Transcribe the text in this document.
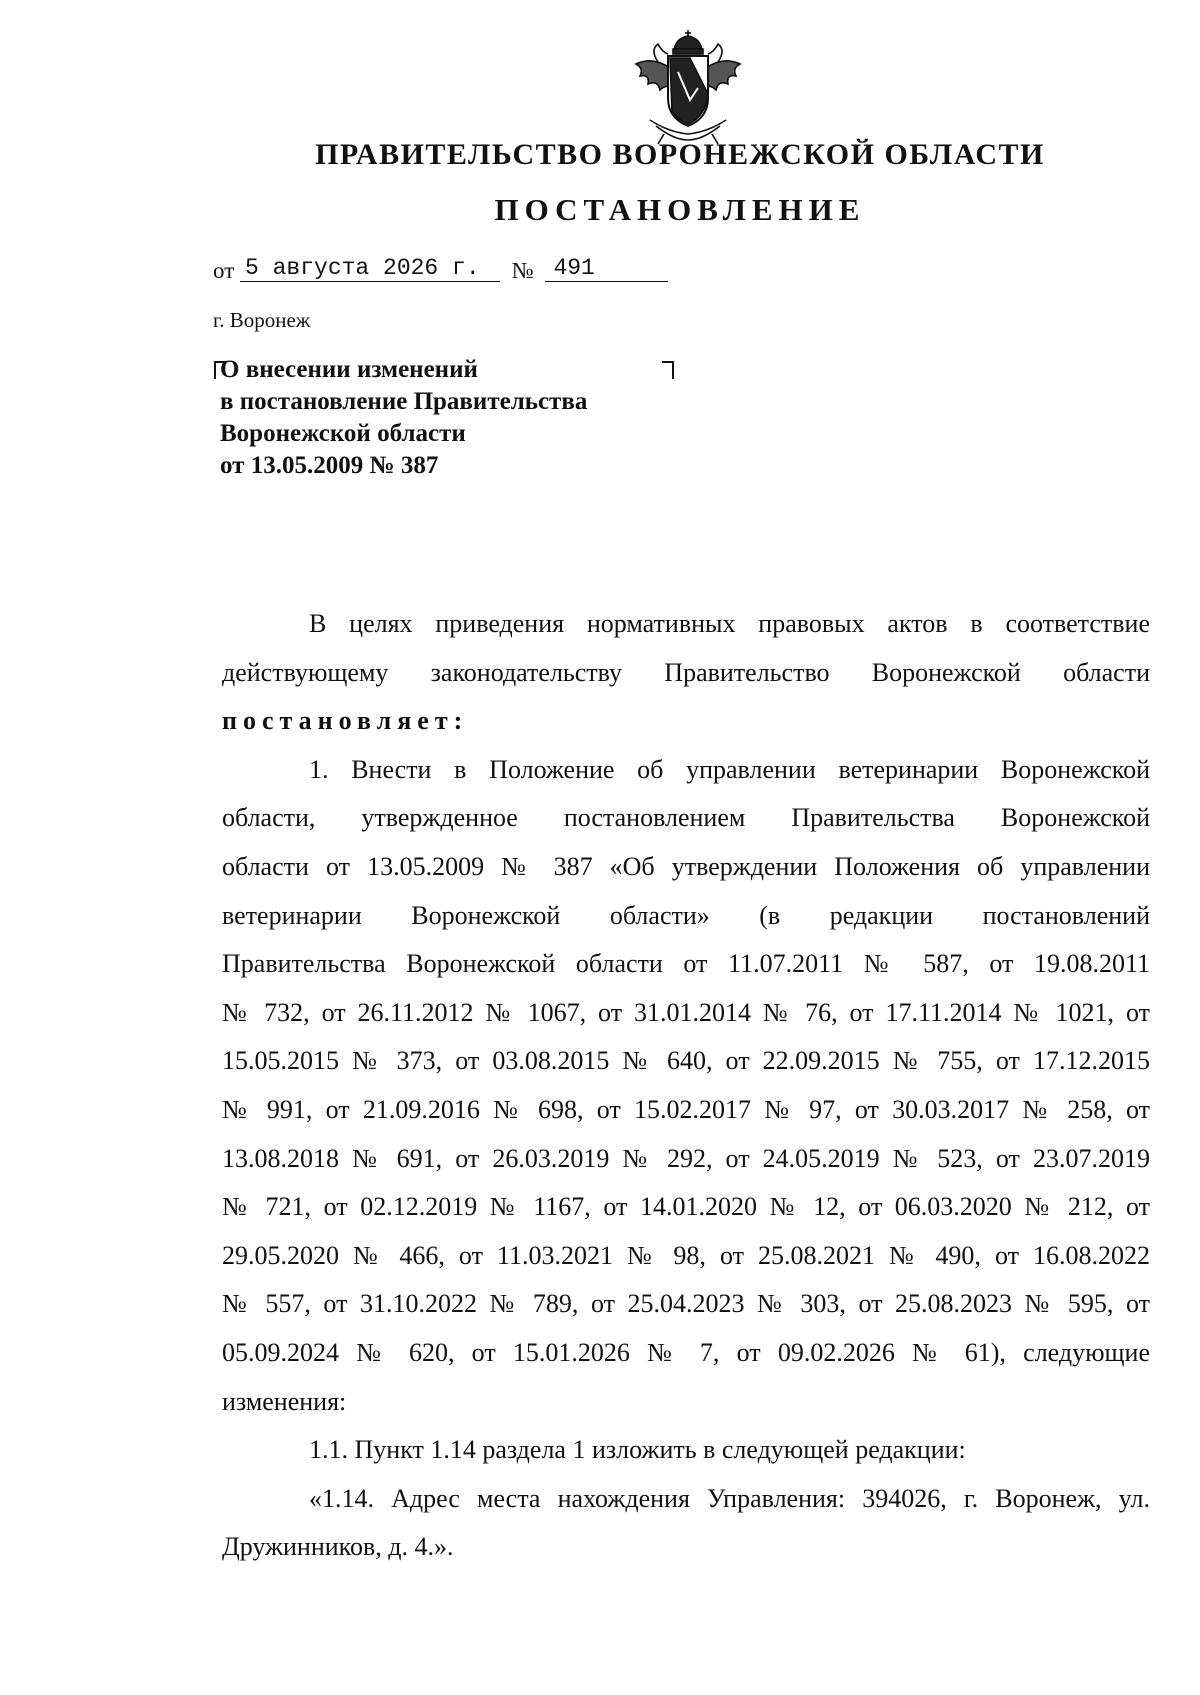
ПРАВИТЕЛЬСТВО ВОРОНЕЖСКОЙ ОБЛАСТИ
ПОСТАНОВЛЕНИЕ
от 5 августа 2026 г. № 491
г. Воронеж
О внесении изменений
в постановление Правительства
Воронежской области
от 13.05.2009 № 387
В целях приведения нормативных правовых актов в соответствие
действующему законодательству Правительство Воронежской области
постановляет:
1. Внести в Положение об управлении ветеринарии Воронежской
области, утвержденное постановлением Правительства Воронежской
области от 13.05.2009 № 387 «Об утверждении Положения об управлении
ветеринарии Воронежской области» (в редакции постановлений
Правительства Воронежской области от 11.07.2011 № 587, от 19.08.2011
№ 732, от 26.11.2012 № 1067, от 31.01.2014 № 76, от 17.11.2014 № 1021, от
15.05.2015 № 373, от 03.08.2015 № 640, от 22.09.2015 № 755, от 17.12.2015
№ 991, от 21.09.2016 № 698, от 15.02.2017 № 97, от 30.03.2017 № 258, от
13.08.2018 № 691, от 26.03.2019 № 292, от 24.05.2019 № 523, от 23.07.2019
№ 721, от 02.12.2019 № 1167, от 14.01.2020 № 12, от 06.03.2020 № 212, от
29.05.2020 № 466, от 11.03.2021 № 98, от 25.08.2021 № 490, от 16.08.2022
№ 557, от 31.10.2022 № 789, от 25.04.2023 № 303, от 25.08.2023 № 595, от
05.09.2024 № 620, от 15.01.2026 № 7, от 09.02.2026 № 61), следующие
изменения:
1.1. Пункт 1.14 раздела 1 изложить в следующей редакции:
«1.14. Адрес места нахождения Управления: 394026, г. Воронеж, ул.
Дружинников, д. 4.».
